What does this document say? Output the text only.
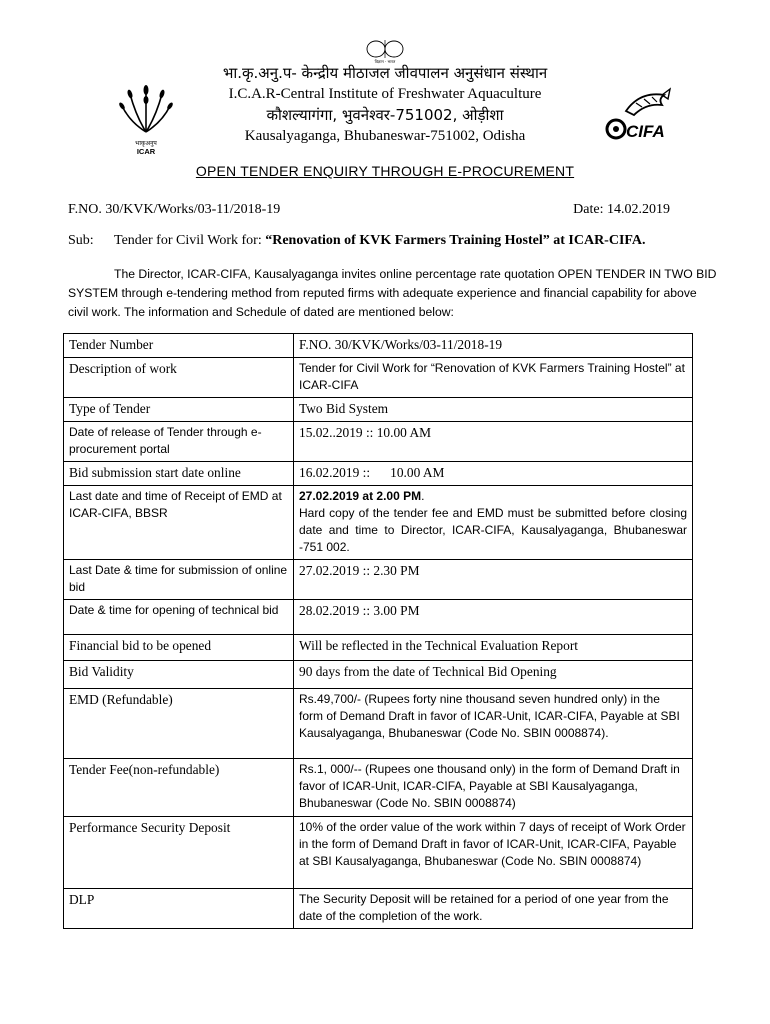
विज्ञान · भारत
भाकृअनुप
ICAR
CIFA
भा.कृ.अनु.प- केन्द्रीय मीठाजल जीवपालन अनुसंधान संस्थान
I.C.A.R-Central Institute of Freshwater Aquaculture
कौशल्यागंगा, भुवनेश्वर-751002, ओड़ीशा
Kausalyaganga, Bhubaneswar-751002, Odisha
OPEN TENDER ENQUIRY THROUGH E-PROCUREMENT
F.NO. 30/KVK/Works/03-11/2018-19	Date: 14.02.2019
Sub: Tender for Civil Work for: “Renovation of KVK Farmers Training Hostel” at ICAR-CIFA.
The Director, ICAR-CIFA, Kausalyaganga invites online percentage rate quotation OPEN TENDER IN TWO BID SYSTEM through e-tendering method from reputed firms with adequate experience and financial capability for above civil work. The information and Schedule of dated are mentioned below:
Tender Number	F.NO. 30/KVK/Works/03-11/2018-19
Description of work	Tender for Civil Work for “Renovation of KVK Farmers Training Hostel” at ICAR-CIFA
Type of Tender	Two Bid System
Date of release of Tender through e-procurement portal	15.02..2019 :: 10.00 AM
Bid submission start date online	16.02.2019 ::      10.00 AM
Last date and time of Receipt of EMD at ICAR-CIFA, BBSR	27.02.2019 at 2.00 PM.
Hard copy of the tender fee and EMD must be submitted before closing date and time to Director, ICAR-CIFA, Kausalyaganga, Bhubaneswar -751 002.
Last Date & time for submission of online bid	27.02.2019 :: 2.30 PM
Date & time for opening of technical bid	28.02.2019 :: 3.00 PM
Financial bid to be opened	Will be reflected in the Technical Evaluation Report
Bid Validity	90 days from the date of Technical Bid Opening
EMD (Refundable)	Rs.49,700/- (Rupees forty nine thousand seven hundred only) in the form of Demand Draft in favor of ICAR-Unit, ICAR-CIFA, Payable at SBI Kausalyaganga, Bhubaneswar (Code No. SBIN 0008874).
Tender Fee(non-refundable)	Rs.1, 000/-- (Rupees one thousand only) in the form of Demand Draft in favor of ICAR-Unit, ICAR-CIFA, Payable at SBI Kausalyaganga, Bhubaneswar (Code No. SBIN 0008874)
Performance Security Deposit	10% of the order value of the work within 7 days of receipt of Work Order in the form of Demand Draft in favor of ICAR-Unit, ICAR-CIFA, Payable at SBI Kausalyaganga, Bhubaneswar (Code No. SBIN 0008874)
DLP	The Security Deposit will be retained for a period of one year from the date of the completion of the work.
